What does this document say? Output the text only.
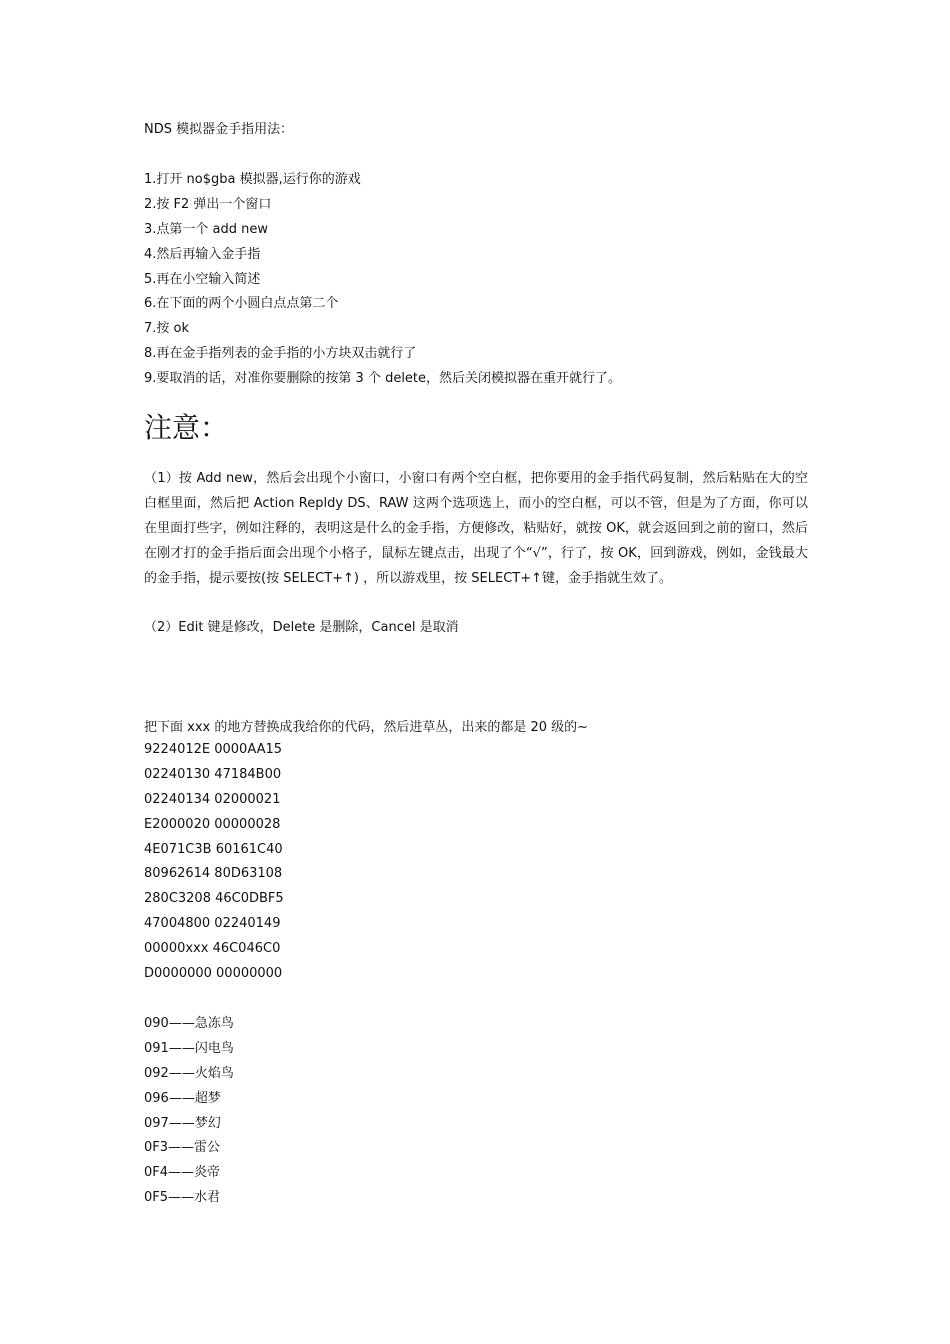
NDS 模拟器金手指用法：
1.打开 no$gba 模拟器,运行你的游戏
2.按 F2 弹出一个窗口
3.点第一个 add new
4.然后再输入金手指
5.再在小空输入简述
6.在下面的两个小圆白点点第二个
7.按 ok
8.再在金手指列表的金手指的小方块双击就行了
9.要取消的话，对准你要删除的按第 3 个 delete，然后关闭模拟器在重开就行了。
注意：

（1）按 Add new，然后会出现个小窗口，小窗口有两个空白框，把你要用的金手指代码复制，然后粘贴在大的空白框里面，然后把 Action Repldy DS、RAW 这两个选项选上，而小的空白框，可以不管，但是为了方面，你可以在里面打些字，例如注释的，表明这是什么的金手指，方便修改，粘贴好，就按 OK，就会返回到之前的窗口，然后在刚才打的金手指后面会出现个小格子，鼠标左键点击，出现了个“√”，行了，按 OK，回到游戏，例如，金钱最大的金手指，提示要按(按 SELECT+↑) ，所以游戏里，按 SELECT+↑键，金手指就生效了。

（2）Edit 键是修改，Delete 是删除，Cancel 是取消

把下面 xxx 的地方替换成我给你的代码，然后进草丛，出来的都是 20 级的~
9224012E 0000AA15
02240130 47184B00
02240134 02000021
E2000020 00000028
4E071C3B 60161C40
80962614 80D63108
280C3208 46C0DBF5
47004800 02240149
00000xxx 46C046C0
D0000000 00000000
090——急冻鸟
091——闪电鸟
092——火焰鸟
096——超梦
097——梦幻
0F3——雷公
0F4——炎帝
0F5——水君
